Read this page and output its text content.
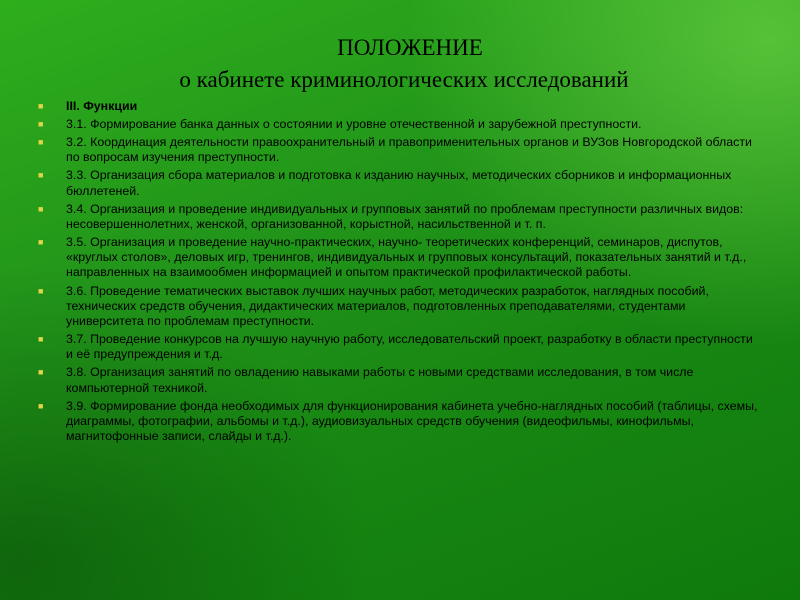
ПОЛОЖЕНИЕ
о кабинете криминологических исследований
■ III. Функции
■ 3.1. Формирование банка данных о состоянии и уровне отечественной и зарубежной преступности.
■ 3.2. Координация деятельности правоохранительный и правоприменительных органов и ВУЗов Новгородской области по вопросам изучения преступности.
■ 3.3. Организация сбора материалов и подготовка к изданию научных, методических сборников и информационных бюллетеней.
■ 3.4. Организация и проведение индивидуальных и групповых занятий по проблемам преступности различных видов: несовершеннолетних, женской, организованной, корыстной, насильственной и т. п.
■ 3.5. Организация и проведение научно-практических, научно- теоретических конференций, семинаров, диспутов, «круглых столов», деловых игр, тренингов, индивидуальных и групповых консультаций, показательных занятий и т.д., направленных на взаимообмен информацией и опытом практической профилактической работы.
■ 3.6. Проведение тематических выставок лучших научных работ, методических разработок, наглядных пособий, технических средств обучения, дидактических материалов, подготовленных преподавателями, студентами университета по проблемам преступности.
■ 3.7. Проведение конкурсов на лучшую научную работу, исследовательский проект, разработку в области преступности и её предупреждения и т.д.
■ 3.8. Организация занятий по овладению навыками работы с новыми средствами исследования, в том числе компьютерной техникой.
■ 3.9. Формирование фонда необходимых для функционирования кабинета учебно-наглядных пособий (таблицы, схемы, диаграммы, фотографии, альбомы и т.д.), аудиовизуальных средств обучения (видеофильмы, кинофильмы, магнитофонные записи, слайды и т.д.).
